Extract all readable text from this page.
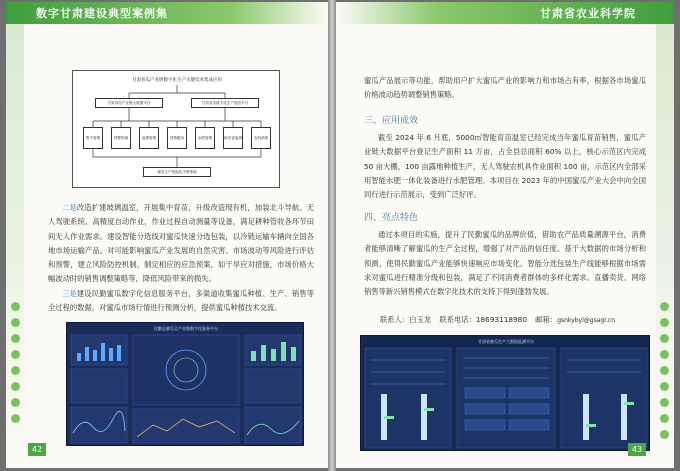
数字甘肃建设典型案例集
甘肃省瓜产业链数字化生产关键技术集成应用
甘肃省瓜产业链大数据平台	甘肃省瓜数字化生产管控平台
集中管理	预警预测	追溯管理	营销服务	水肥管理	病虫害监测	农机调度
蜜瓜生产智能化决策系统
二是改造扩建玻璃温室，开展集中育苗，升级改造现有机，加装北斗导航、无人驾驶系统、高精度自动作业，作业过程自动测量等设备，满足耕种管收各环节田间无人作业需求。建设智能分选线对蜜瓜快速分选包装，以冷链运输车辆向全国各地市场运输产品。对可能影响蜜瓜产业发展的自然灾害、市场波动等风险进行评估和预警，建立风险防控机制，制定相应的应急预案，如干旱应对措施，市场价格大幅波动时的销售调整策略等，降低风险带来的损失。
三是建设民勤蜜瓜数字化信息服务平台，多渠道收集蜜瓜种植、生产、销售等全过程的数据，对蜜瓜市场行情进行预测分析，提供蜜瓜种植技术交流、
民勤县蜜瓜全产业链数字化服务平台
42
甘肃省农业科学院
蜜瓜产品展示等功能，帮助用户扩大蜜瓜产业的影响力和市场占有率，根据各市场蜜瓜价格波动趋势调整销售策略。
三、应用成效
截至 2024 年 6 月底，5000㎡智能育苗温室已经完成当年蜜瓜育苗销售，蜜瓜产业链大数据平台登记生产面积 11 万亩，占全县总面积 60% 以上，核心示范区内完成 50 亩大棚，100 亩露地种植生产，无人驾驶农机具作业面积 100 亩，示范区内全部采用智能水肥一体化装备进行水肥管理。本项目在 2023 年的中国蜜瓜产业大会中向全国同行进行示范展示，受到广泛好评。
四、亮点特色
通过本项目的实施，提升了民勤蜜瓜的品牌价值，借助农产品质量溯源平台，消费者能够清晰了解蜜瓜的生产全过程，增强了对产品的信任度。基于大数据的市场分析和预测，使得民勤蜜瓜产业能够快速响应市场变化。智能分选包装生产线能够根据市场需求对蜜瓜进行精准分级和包装，满足了不同消费者群体的多样化需求。直播卖货、网络销售等新兴销售模式在数字化技术的支持下得到蓬勃发展。
联系人：白玉龙 联系电话：18693118980 邮箱：gsnkybyl@gsagr.cn
甘肃省蜜瓜生产大数据监测平台
43
